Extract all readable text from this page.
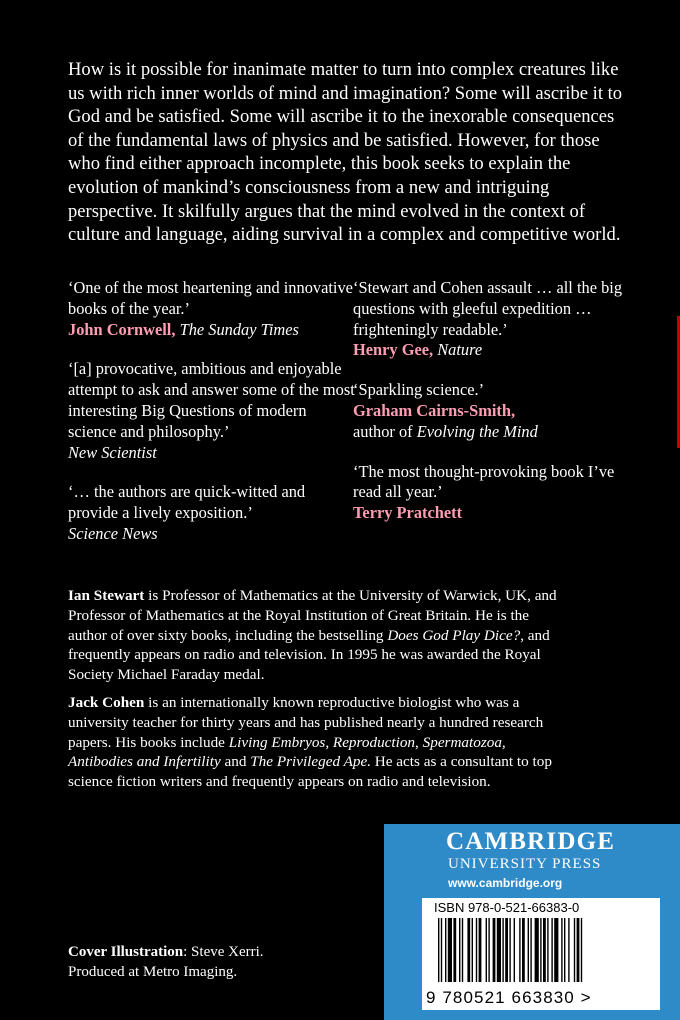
How is it possible for inanimate matter to turn into complex creatures like us with rich inner worlds of mind and imagination? Some will ascribe it to God and be satisfied. Some will ascribe it to the inexorable consequences of the fundamental laws of physics and be satisfied. However, for those who find either approach incomplete, this book seeks to explain the evolution of mankind’s consciousness from a new and intriguing perspective. It skilfully argues that the mind evolved in the context of culture and language, aiding survival in a complex and competitive world.

‘One of the most heartening and innovative books of the year.’
John Cornwell, The Sunday Times

‘[a] provocative, ambitious and enjoyable attempt to ask and answer some of the most interesting Big Questions of modern science and philosophy.’
New Scientist

‘… the authors are quick-witted and provide a lively exposition.’
Science News

‘Stewart and Cohen assault … all the big questions with gleeful expedition … frighteningly readable.’
Henry Gee, Nature

‘Sparkling science.’
Graham Cairns-Smith,
author of Evolving the Mind

‘The most thought-provoking book I’ve read all year.’
Terry Pratchett

Ian Stewart is Professor of Mathematics at the University of Warwick, UK, and Professor of Mathematics at the Royal Institution of Great Britain. He is the author of over sixty books, including the bestselling Does God Play Dice?, and frequently appears on radio and television. In 1995 he was awarded the Royal Society Michael Faraday medal.

Jack Cohen is an internationally known reproductive biologist who was a university teacher for thirty years and has published nearly a hundred research papers. His books include Living Embryos, Reproduction, Spermatozoa, Antibodies and Infertility and The Privileged Ape. He acts as a consultant to top science fiction writers and frequently appears on radio and television.

Cover Illustration: Steve Xerri.
Produced at Metro Imaging.

CAMBRIDGE

UNIVERSITY PRESS

www.cambridge.org

ISBN 978-0-521-66383-0

9 780521 663830 >
